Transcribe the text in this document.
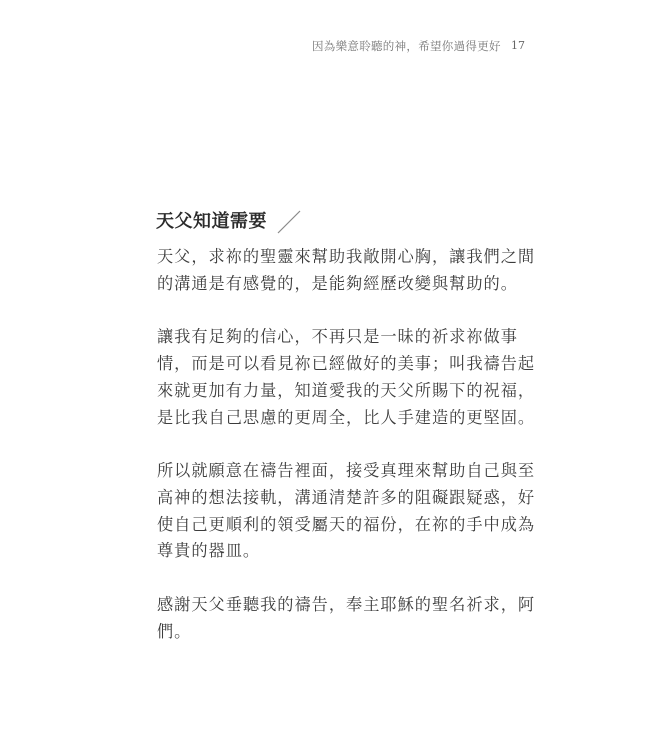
因為樂意聆聽的神，希望你過得更好 17
天父知道需要

天父，求祢的聖靈來幫助我敞開心胸，讓我們之間
的溝通是有感覺的，是能夠經歷改變與幫助的。

讓我有足夠的信心，不再只是一昧的祈求祢做事
情，而是可以看見祢已經做好的美事；叫我禱告起
來就更加有力量，知道愛我的天父所賜下的祝福，
是比我自己思慮的更周全，比人手建造的更堅固。

所以就願意在禱告裡面，接受真理來幫助自己與至
高神的想法接軌，溝通清楚許多的阻礙跟疑惑，好
使自己更順利的領受屬天的福份，在祢的手中成為
尊貴的器皿。

感謝天父垂聽我的禱告，奉主耶穌的聖名祈求，阿
們。
